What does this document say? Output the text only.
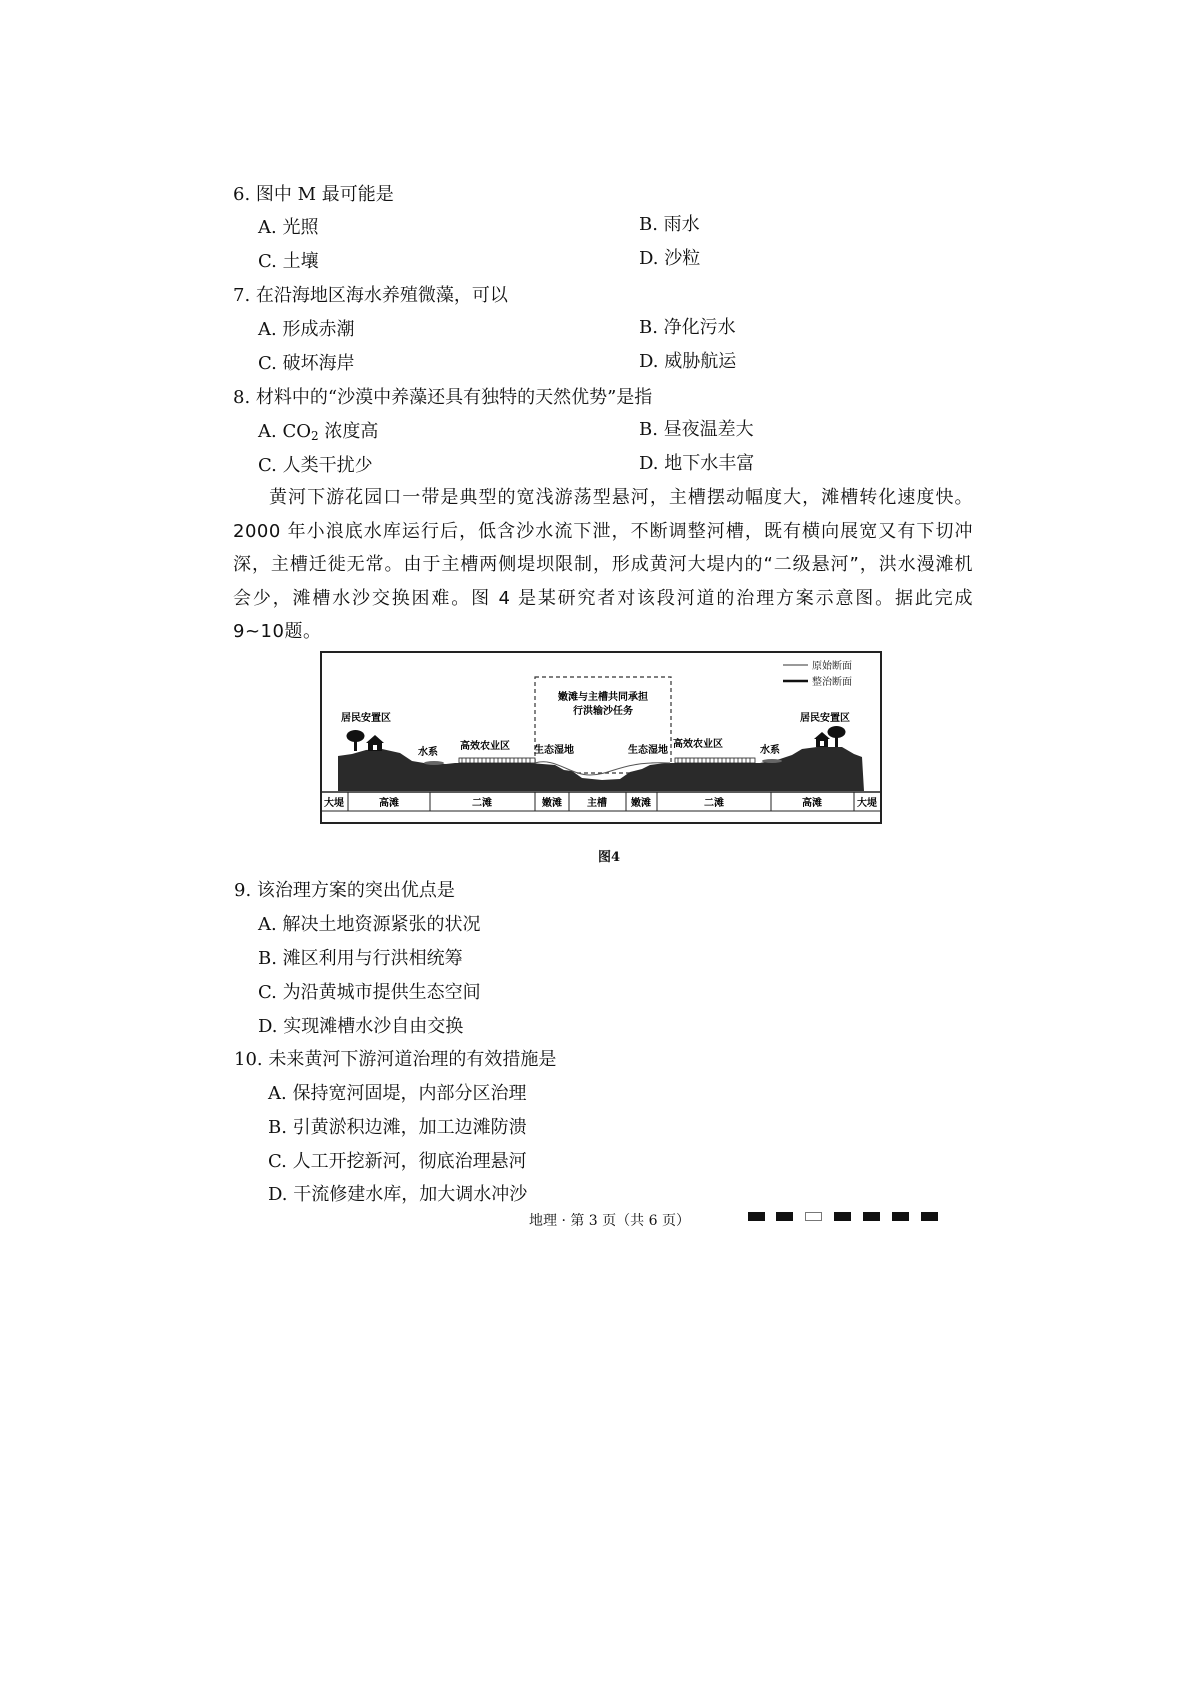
6. 图中 M 最可能是
A. 光照	B. 雨水
C. 土壤	D. 沙粒
7. 在沿海地区海水养殖微藻，可以
A. 形成赤潮	B. 净化污水
C. 破坏海岸	D. 威胁航运
8. 材料中的“沙漠中养藻还具有独特的天然优势”是指
A. $CO_2$ 浓度高	B. 昼夜温差大
C. 人类干扰少	D. 地下水丰富
黄河下游花园口一带是典型的宽浅游荡型悬河，主槽摆动幅度大，滩槽转化速度快。2000 年小浪底水库运行后，低含沙水流下泄，不断调整河槽，既有横向展宽又有下切冲深，主槽迁徙无常。由于主槽两侧堤坝限制，形成黄河大堤内的“二级悬河”，洪水漫滩机会少，滩槽水沙交换困难。图 4 是某研究者对该段河道的治理方案示意图。据此完成 9~10题。
原始断面
整治断面
嫩滩与主槽共同承担
行洪输沙任务
居民安置区	居民安置区
水系	水系
高效农业区	高效农业区
生态湿地	生态湿地
大堤	高滩	二滩	嫩滩	主槽 嫩滩	二滩	高滩	大堤
图4
9. 该治理方案的突出优点是
A. 解决土地资源紧张的状况
B. 滩区利用与行洪相统筹
C. 为沿黄城市提供生态空间
D. 实现滩槽水沙自由交换
10. 未来黄河下游河道治理的有效措施是
A. 保持宽河固堤，内部分区治理
B. 引黄淤积边滩，加工边滩防溃
C. 人工开挖新河，彻底治理悬河
D. 干流修建水库，加大调水冲沙
地理 · 第 3 页（共 6 页）
